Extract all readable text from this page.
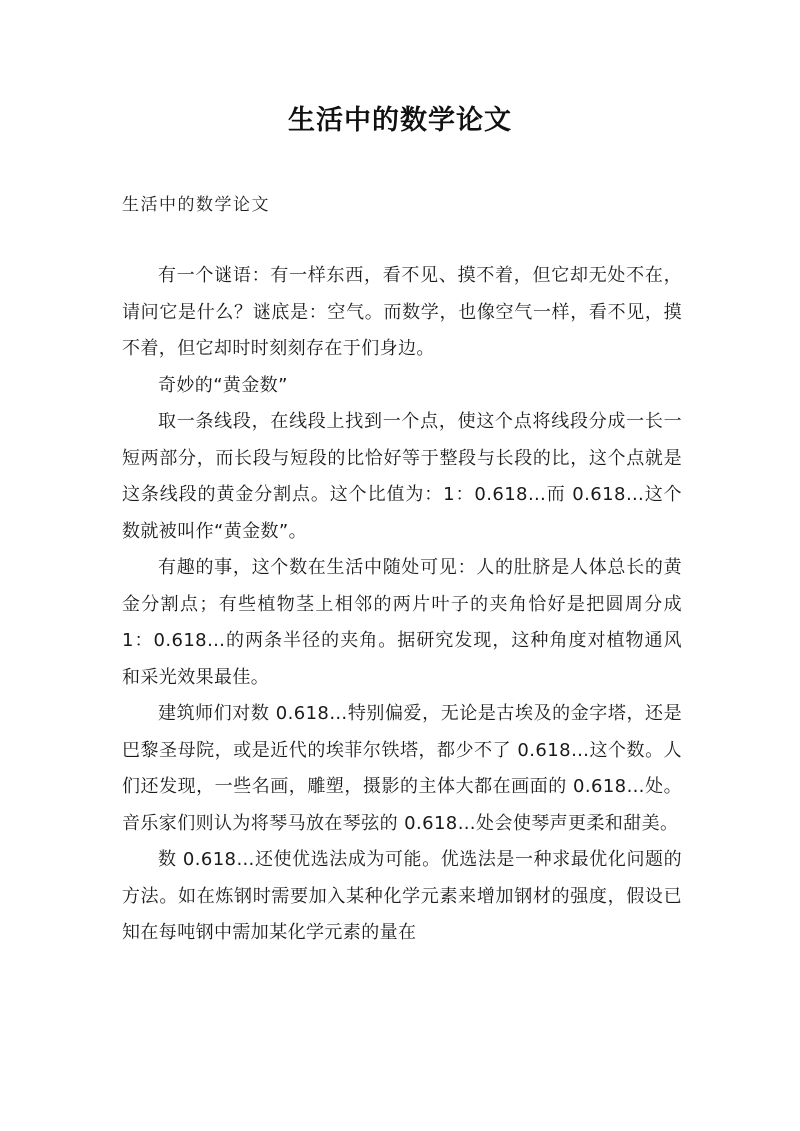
生活中的数学论文
生活中的数学论文

有一个谜语：有一样东西，看不见、摸不着，但它却无处不在，请问它是什么？谜底是：空气。而数学，也像空气一样，看不见，摸不着，但它却时时刻刻存在于们身边。

奇妙的“黄金数”

取一条线段，在线段上找到一个点，使这个点将线段分成一长一短两部分，而长段与短段的比恰好等于整段与长段的比，这个点就是这条线段的黄金分割点。这个比值为：1：0.618…而 0.618…这个数就被叫作“黄金数”。

有趣的事，这个数在生活中随处可见：人的肚脐是人体总长的黄金分割点；有些植物茎上相邻的两片叶子的夹角恰好是把圆周分成 1：0.618…的两条半径的夹角。据研究发现，这种角度对植物通风和采光效果最佳。

建筑师们对数 0.618…特别偏爱，无论是古埃及的金字塔，还是巴黎圣母院，或是近代的埃菲尔铁塔，都少不了 0.618…这个数。人们还发现，一些名画，雕塑，摄影的主体大都在画面的 0.618…处。音乐家们则认为将琴马放在琴弦的 0.618…处会使琴声更柔和甜美。

数 0.618…还使优选法成为可能。优选法是一种求最优化问题的方法。如在炼钢时需要加入某种化学元素来增加钢材的强度，假设已知在每吨钢中需加某化学元素的量在
